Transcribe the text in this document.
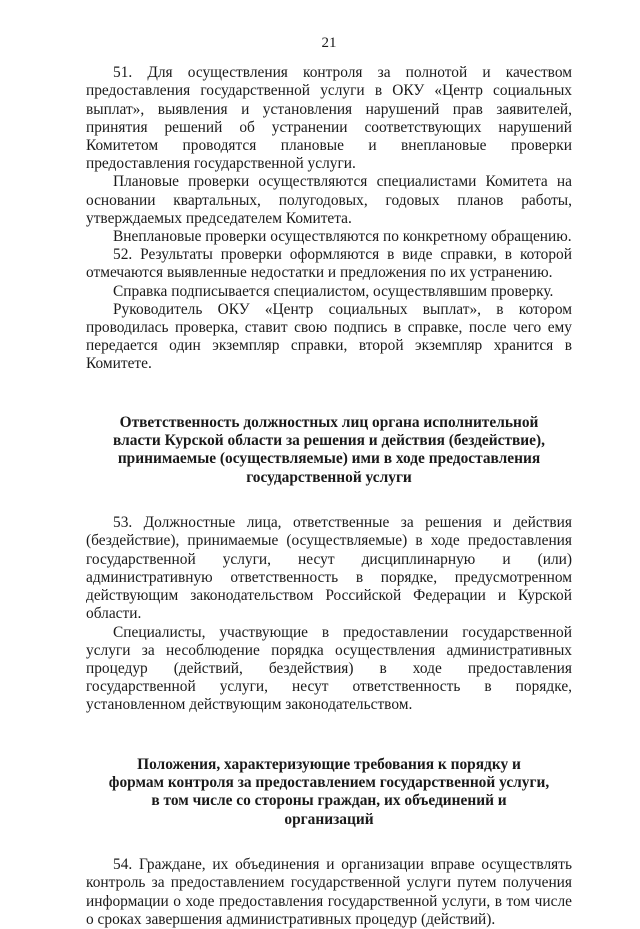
21

51. Для осуществления контроля за полнотой и качеством предоставления государственной услуги в ОКУ «Центр социальных выплат», выявления и установления нарушений прав заявителей, принятия решений об устранении соответствующих нарушений Комитетом проводятся плановые и внеплановые проверки предоставления государственной услуги.

Плановые проверки осуществляются специалистами Комитета на основании квартальных, полугодовых, годовых планов работы, утверждаемых председателем Комитета.

Внеплановые проверки осуществляются по конкретному обращению.

52. Результаты проверки оформляются в виде справки, в которой отмечаются выявленные недостатки и предложения по их устранению.

Справка подписывается специалистом, осуществлявшим проверку.

Руководитель ОКУ «Центр социальных выплат», в котором проводилась проверка, ставит свою подпись в справке, после чего ему передается один экземпляр справки, второй экземпляр хранится в Комитете.

Ответственность должностных лиц органа исполнительной власти Курской области за решения и действия (бездействие), принимаемые (осуществляемые) ими в ходе предоставления государственной услуги

53. Должностные лица, ответственные за решения и действия (бездействие), принимаемые (осуществляемые) в ходе предоставления государственной услуги, несут дисциплинарную и (или) административную ответственность в порядке, предусмотренном действующим законодательством Российской Федерации и Курской области.

Специалисты, участвующие в предоставлении государственной услуги за несоблюдение порядка осуществления административных процедур (действий, бездействия) в ходе предоставления государственной услуги, несут ответственность в порядке, установленном действующим законодательством.

Положения, характеризующие требования к порядку и формам контроля за предоставлением государственной услуги, в том числе со стороны граждан, их объединений и организаций

54. Граждане, их объединения и организации вправе осуществлять контроль за предоставлением государственной услуги путем получения информации о ходе предоставления государственной услуги, в том числе о сроках завершения административных процедур (действий).
